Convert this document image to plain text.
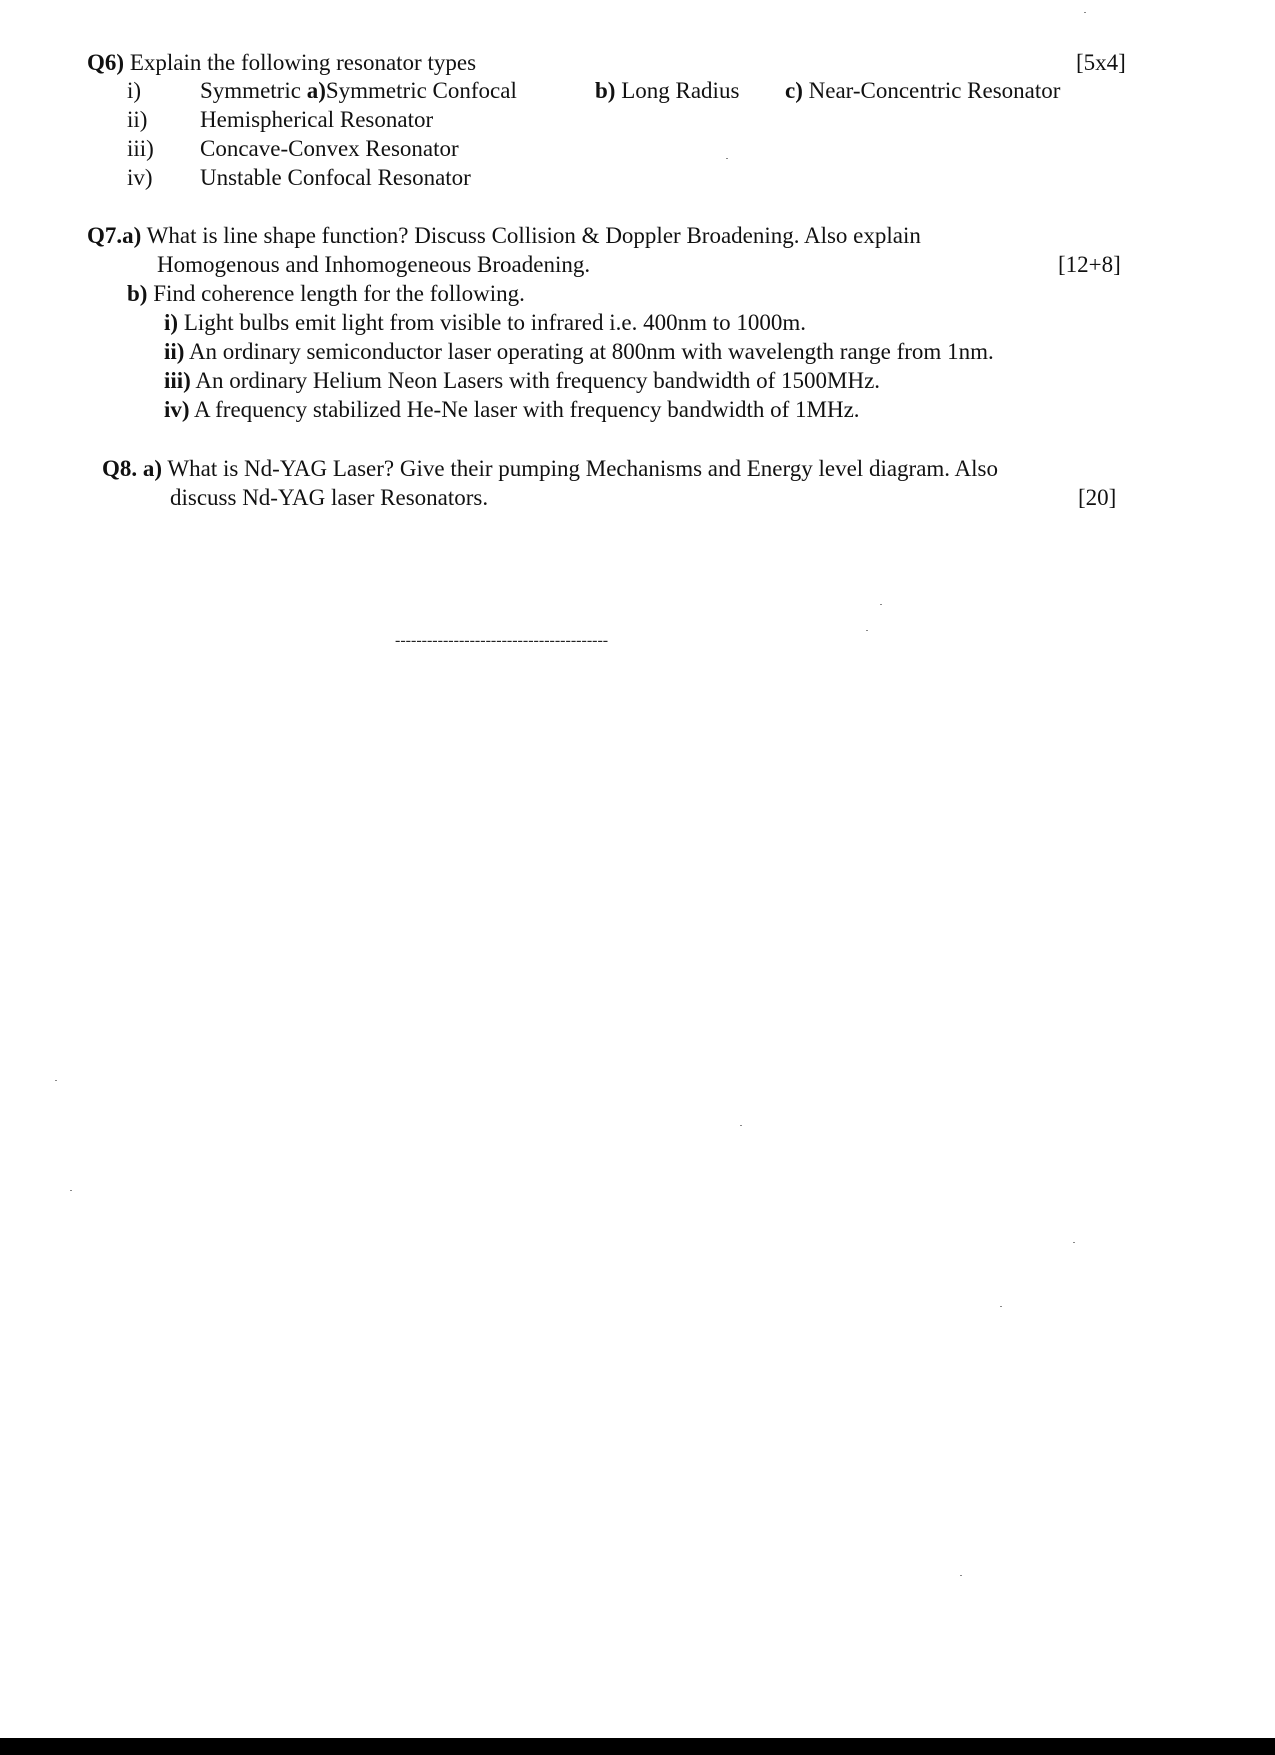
Q6) Explain the following resonator types	[5x4]
i)	Symmetric a)Symmetric Confocal	b) Long Radius c) Near-Concentric Resonator
ii) Hemispherical Resonator
iii) Concave-Convex Resonator
iv) Unstable Confocal Resonator
Q7.a) What is line shape function? Discuss Collision & Doppler Broadening. Also explain
Homogenous and Inhomogeneous Broadening.	[12+8]
b) Find coherence length for the following.
i) Light bulbs emit light from visible to infrared i.e. 400nm to 1000m.
ii) An ordinary semiconductor laser operating at 800nm with wavelength range from 1nm.
iii) An ordinary Helium Neon Lasers with frequency bandwidth of 1500MHz.
iv) A frequency stabilized He-Ne laser with frequency bandwidth of 1MHz.
Q8. a) What is Nd-YAG Laser? Give their pumping Mechanisms and Energy level diagram. Also
discuss Nd-YAG laser Resonators.	[20]
----------------------------------------
